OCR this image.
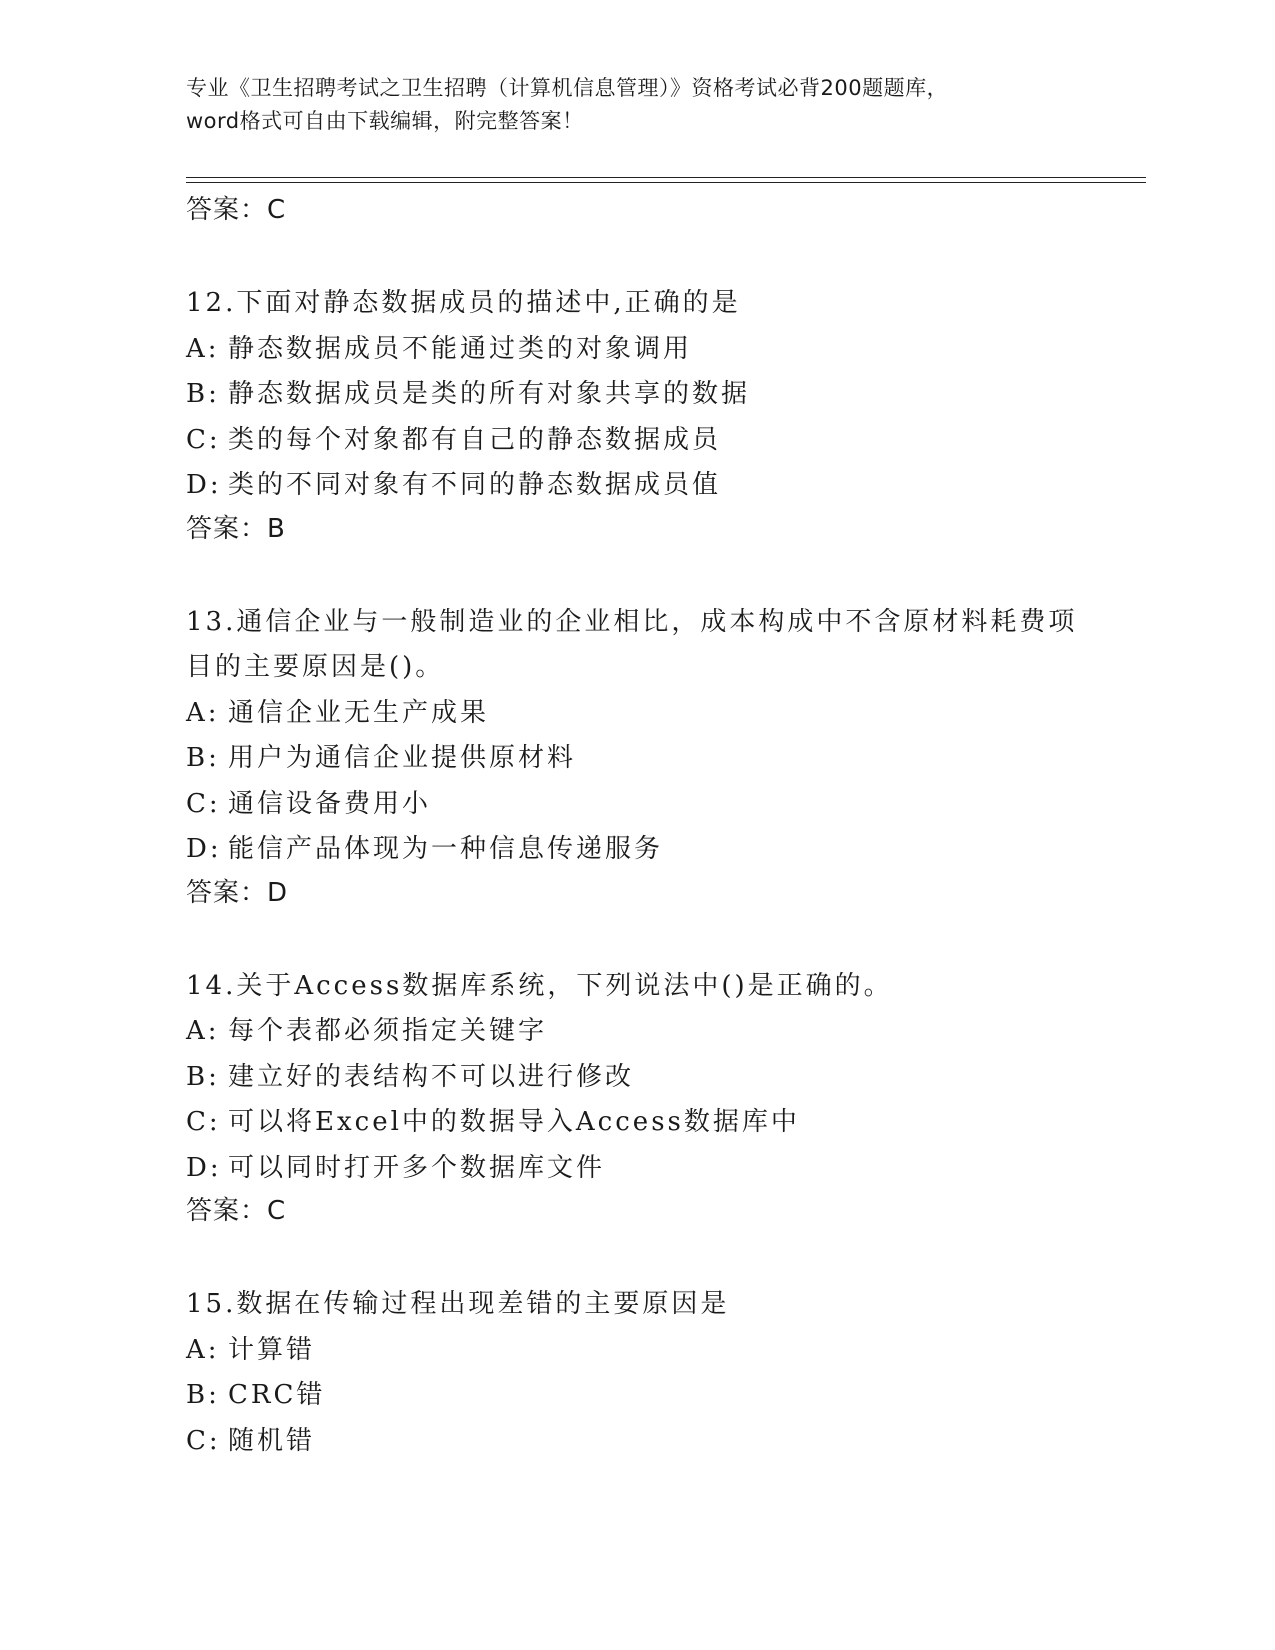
专业《卫生招聘考试之卫生招聘（计算机信息管理）》资格考试必背200题题库，
word格式可自由下载编辑，附完整答案！
答案：C
12.下面对静态数据成员的描述中,正确的是
A: 静态数据成员不能通过类的对象调用
B: 静态数据成员是类的所有对象共享的数据
C: 类的每个对象都有自己的静态数据成员
D: 类的不同对象有不同的静态数据成员值
答案：B
13.通信企业与一般制造业的企业相比，成本构成中不含原材料耗费项
目的主要原因是()。
A: 通信企业无生产成果
B: 用户为通信企业提供原材料
C: 通信设备费用小
D: 能信产品体现为一种信息传递服务
答案：D
14.关于Access数据库系统，下列说法中()是正确的。
A: 每个表都必须指定关键字
B: 建立好的表结构不可以进行修改
C: 可以将Excel中的数据导入Access数据库中
D: 可以同时打开多个数据库文件
答案：C
15.数据在传输过程出现差错的主要原因是
A: 计算错
B: CRC错
C: 随机错
